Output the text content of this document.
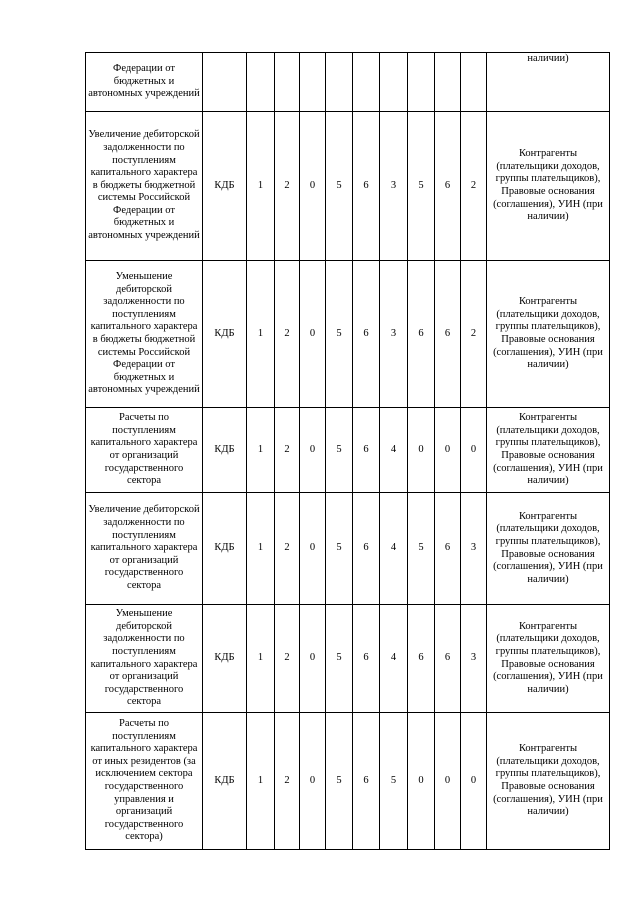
Федерации от бюджетных и автономных учреждений											наличии)
Увеличение дебиторской задолженности по поступлениям капитального характера в бюджеты бюджетной системы Российской Федерации от бюджетных и автономных учреждений	КДБ	1	2	0	5	6	3	5	6	2	Контрагенты (плательщики доходов, группы плательщиков), Правовые основания (соглашения), УИН (при наличии)
Уменьшение дебиторской задолженности по поступлениям капитального характера в бюджеты бюджетной системы Российской Федерации от бюджетных и автономных учреждений	КДБ	1	2	0	5	6	3	6	6	2	Контрагенты (плательщики доходов, группы плательщиков), Правовые основания (соглашения), УИН (при наличии)
Расчеты по поступлениям капитального характера от организаций государственного сектора	КДБ	1	2	0	5	6	4	0	0	0	Контрагенты (плательщики доходов, группы плательщиков), Правовые основания (соглашения), УИН (при наличии)
Увеличение дебиторской задолженности по поступлениям капитального характера от организаций государственного сектора	КДБ	1	2	0	5	6	4	5	6	3	Контрагенты (плательщики доходов, группы плательщиков), Правовые основания (соглашения), УИН (при наличии)
Уменьшение дебиторской задолженности по поступлениям капитального характера от организаций государственного сектора	КДБ	1	2	0	5	6	4	6	6	3	Контрагенты (плательщики доходов, группы плательщиков), Правовые основания (соглашения), УИН (при наличии)
Расчеты по поступлениям капитального характера от иных резидентов (за исключением сектора государственного управления и организаций государственного сектора)	КДБ	1	2	0	5	6	5	0	0	0	Контрагенты (плательщики доходов, группы плательщиков), Правовые основания (соглашения), УИН (при наличии)
